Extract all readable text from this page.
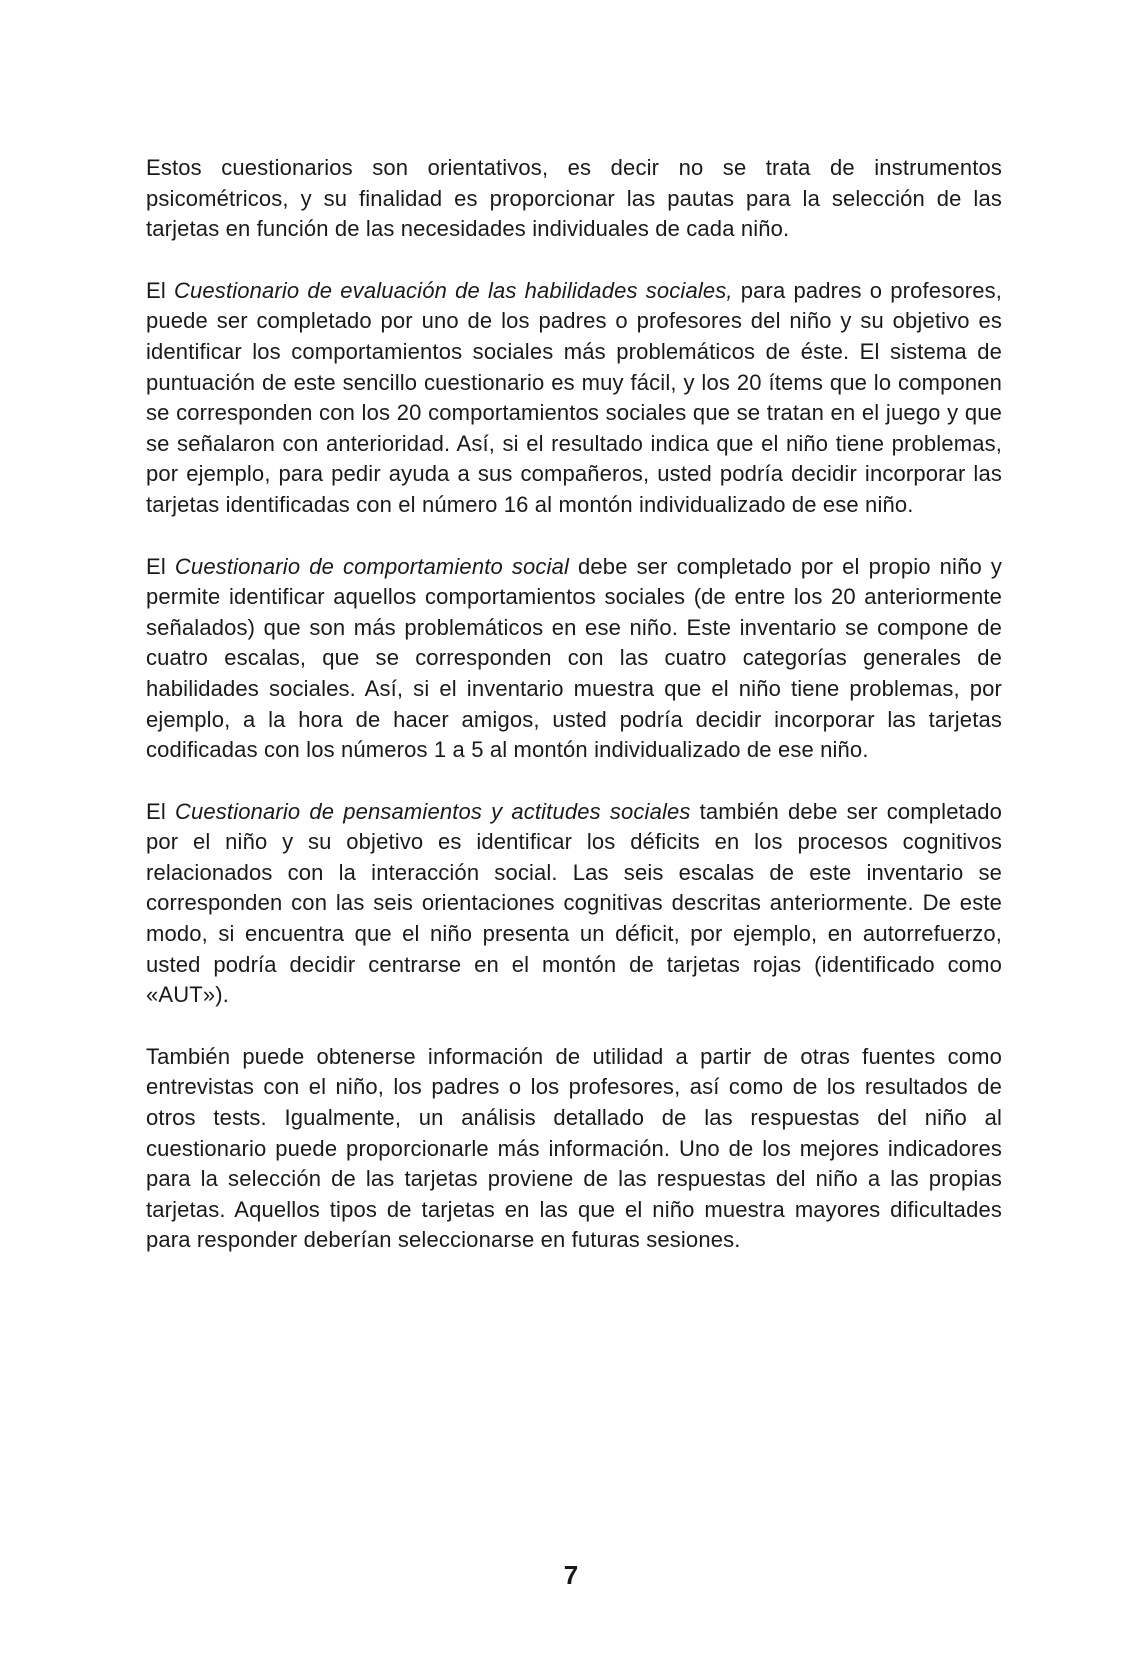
Estos cuestionarios son orientativos, es decir no se trata de instrumentos psicométricos, y su finalidad es proporcionar las pautas para la selección de las tarjetas en función de las necesidades individuales de cada niño.

El Cuestionario de evaluación de las habilidades sociales, para padres o profesores, puede ser completado por uno de los padres o profesores del niño y su objetivo es identificar los comportamientos sociales más problemáticos de éste. El sistema de puntuación de este sencillo cuestionario es muy fácil, y los 20 ítems que lo componen se corresponden con los 20 comportamientos sociales que se tratan en el juego y que se señalaron con anterioridad. Así, si el resultado indica que el niño tiene problemas, por ejemplo, para pedir ayuda a sus compañeros, usted podría decidir incorporar las tarjetas identificadas con el número 16 al montón individualizado de ese niño.

El Cuestionario de comportamiento social debe ser completado por el propio niño y permite identificar aquellos comportamientos sociales (de entre los 20 anteriormente señalados) que son más problemáticos en ese niño. Este inventario se compone de cuatro escalas, que se corresponden con las cuatro categorías generales de habilidades sociales. Así, si el inventario muestra que el niño tiene problemas, por ejemplo, a la hora de hacer amigos, usted podría decidir incorporar las tarjetas codificadas con los números 1 a 5 al montón individualizado de ese niño.

El Cuestionario de pensamientos y actitudes sociales también debe ser completado por el niño y su objetivo es identificar los déficits en los procesos cognitivos relacionados con la interacción social. Las seis escalas de este inventario se corresponden con las seis orientaciones cognitivas descritas anteriormente. De este modo, si encuentra que el niño presenta un déficit, por ejemplo, en autorrefuerzo, usted podría decidir centrarse en el montón de tarjetas rojas (identificado como «AUT»).

También puede obtenerse información de utilidad a partir de otras fuentes como entrevistas con el niño, los padres o los profesores, así como de los resultados de otros tests. Igualmente, un análisis detallado de las respuestas del niño al cuestionario puede proporcionarle más información. Uno de los mejores indicadores para la selección de las tarjetas proviene de las respuestas del niño a las propias tarjetas. Aquellos tipos de tarjetas en las que el niño muestra mayores dificultades para responder deberían seleccionarse en futuras sesiones.

7
